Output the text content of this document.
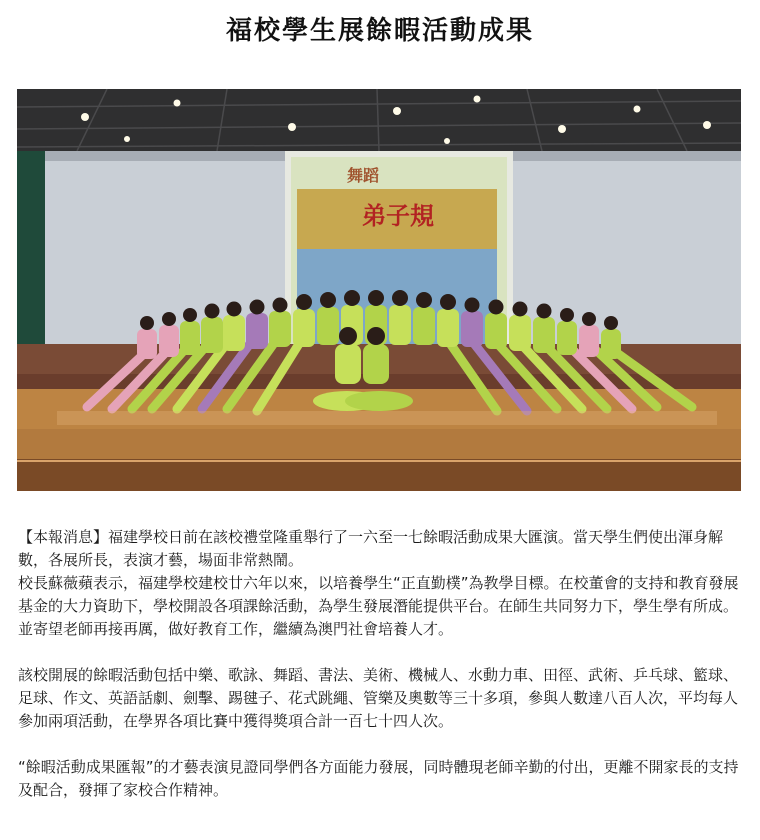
福校學生展餘暇活動成果
舞蹈
弟子規

【本報消息】福建學校日前在該校禮堂隆重舉行了一六至一七餘暇活動成果大匯演。當天學生們使出渾身解數，各展所長，表演才藝，場面非常熱鬧。

校長蘇薇蘋表示，福建學校建校廿六年以來，以培養學生“正直勤樸”為教學目標。在校董會的支持和教育發展基金的大力資助下，學校開設各項課餘活動，為學生發展潛能提供平台。在師生共同努力下，學生學有所成。並寄望老師再接再厲，做好教育工作，繼續為澳門社會培養人才。

該校開展的餘暇活動包括中樂、歌詠、舞蹈、書法、美術、機械人、水動力車、田徑、武術、乒乓球、籃球、足球、作文、英語話劇、劍擊、踢毽子、花式跳繩、管樂及奧數等三十多項，參與人數達八百人次，平均每人參加兩項活動，在學界各項比賽中獲得獎項合計一百七十四人次。

“餘暇活動成果匯報”的才藝表演見證同學們各方面能力發展，同時體現老師辛勤的付出，更離不開家長的支持及配合，發揮了家校合作精神。
